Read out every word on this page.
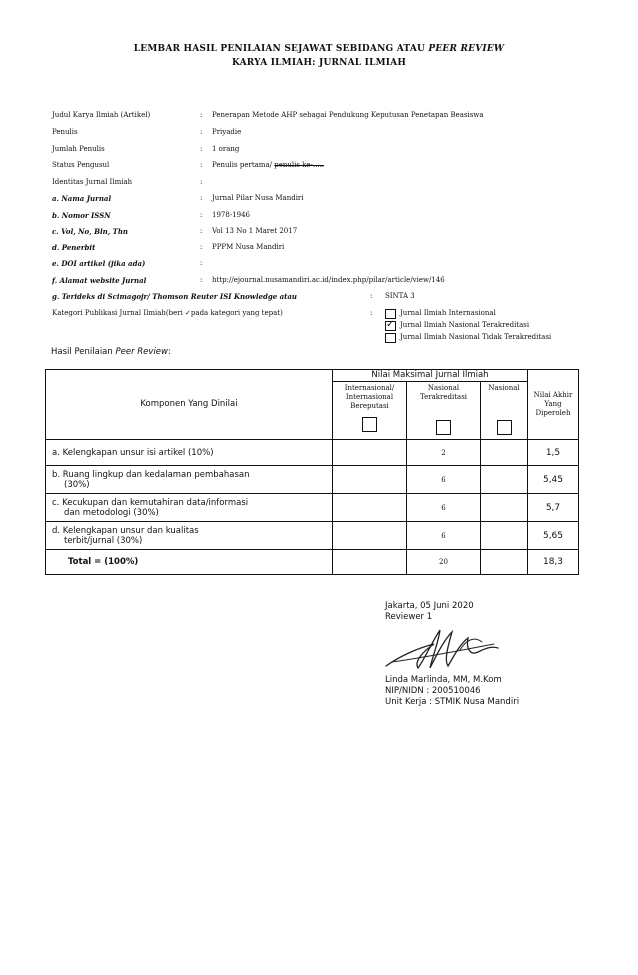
LEMBAR HASIL PENILAIAN SEJAWAT SEBIDANG ATAU PEER REVIEW
KARYA ILMIAH: JURNAL ILMIAH
Judul Karya Ilmiah (Artikel)	: Penerapan Metode AHP sebagai Pendukung Keputusan Penetapan Beasiswa
Penulis	: Priyadie
Jumlah Penulis	: 1 orang
Status Pengusul	: Penulis pertama/ penulis ke-.....
Identitas Jurnal Ilmiah	:
a. Nama Jurnal	: Jurnal Pilar Nusa Mandiri
b. Nomor ISSN	: 1978-1946
c. Vol, No, Bln, Thn	: Vol 13 No 1 Maret 2017
d. Penerbit	: PPPM Nusa Mandiri
e. DOI artikel (jika ada)	:
f. Alamat website Jurnal	: http://ejournal.nusamandiri.ac.id/index.php/pilar/article/view/146
g. Terideks di Scimagojr/ Thomson Reuter ISI Knowledge atau	: SINTA 3
Kategori Publikasi Jurnal Ilmiah(beri ✓pada kategori yang tepat)	:	Jurnal Ilmiah Internasional
✓ Jurnal Ilmiah Nasional Terakreditasi
Jurnal Ilmiah Nasional Tidak Terakreditasi
Hasil Penilaian Peer Review:
Komponen Yang Dinilai	Nilai Maksimal Jurnal Ilmiah			Nilai Akhir Yang Diperoleh

	Internasional/ Internasional Bereputasi	Nasional Terakreditasi	Nasional	

a. Kelengkapan unsur isi artikel (10%)		2		1,5

b. Ruang lingkup dan kedalaman pembahasan
(30%)		6		5,45

c. Kecukupan dan kemutahiran data/informasi
dan metodologi (30%)		6		5,7

d. Kelengkapan unsur dan kualitas
terbit/jurnal (30%)		6		5,65
Total = (100%)		20		18,3
Jakarta, 05 Juni 2020
Reviewer 1
Linda Marlinda, MM, M.Kom
NIP/NIDN : 200510046
Unit Kerja : STMIK Nusa Mandiri
